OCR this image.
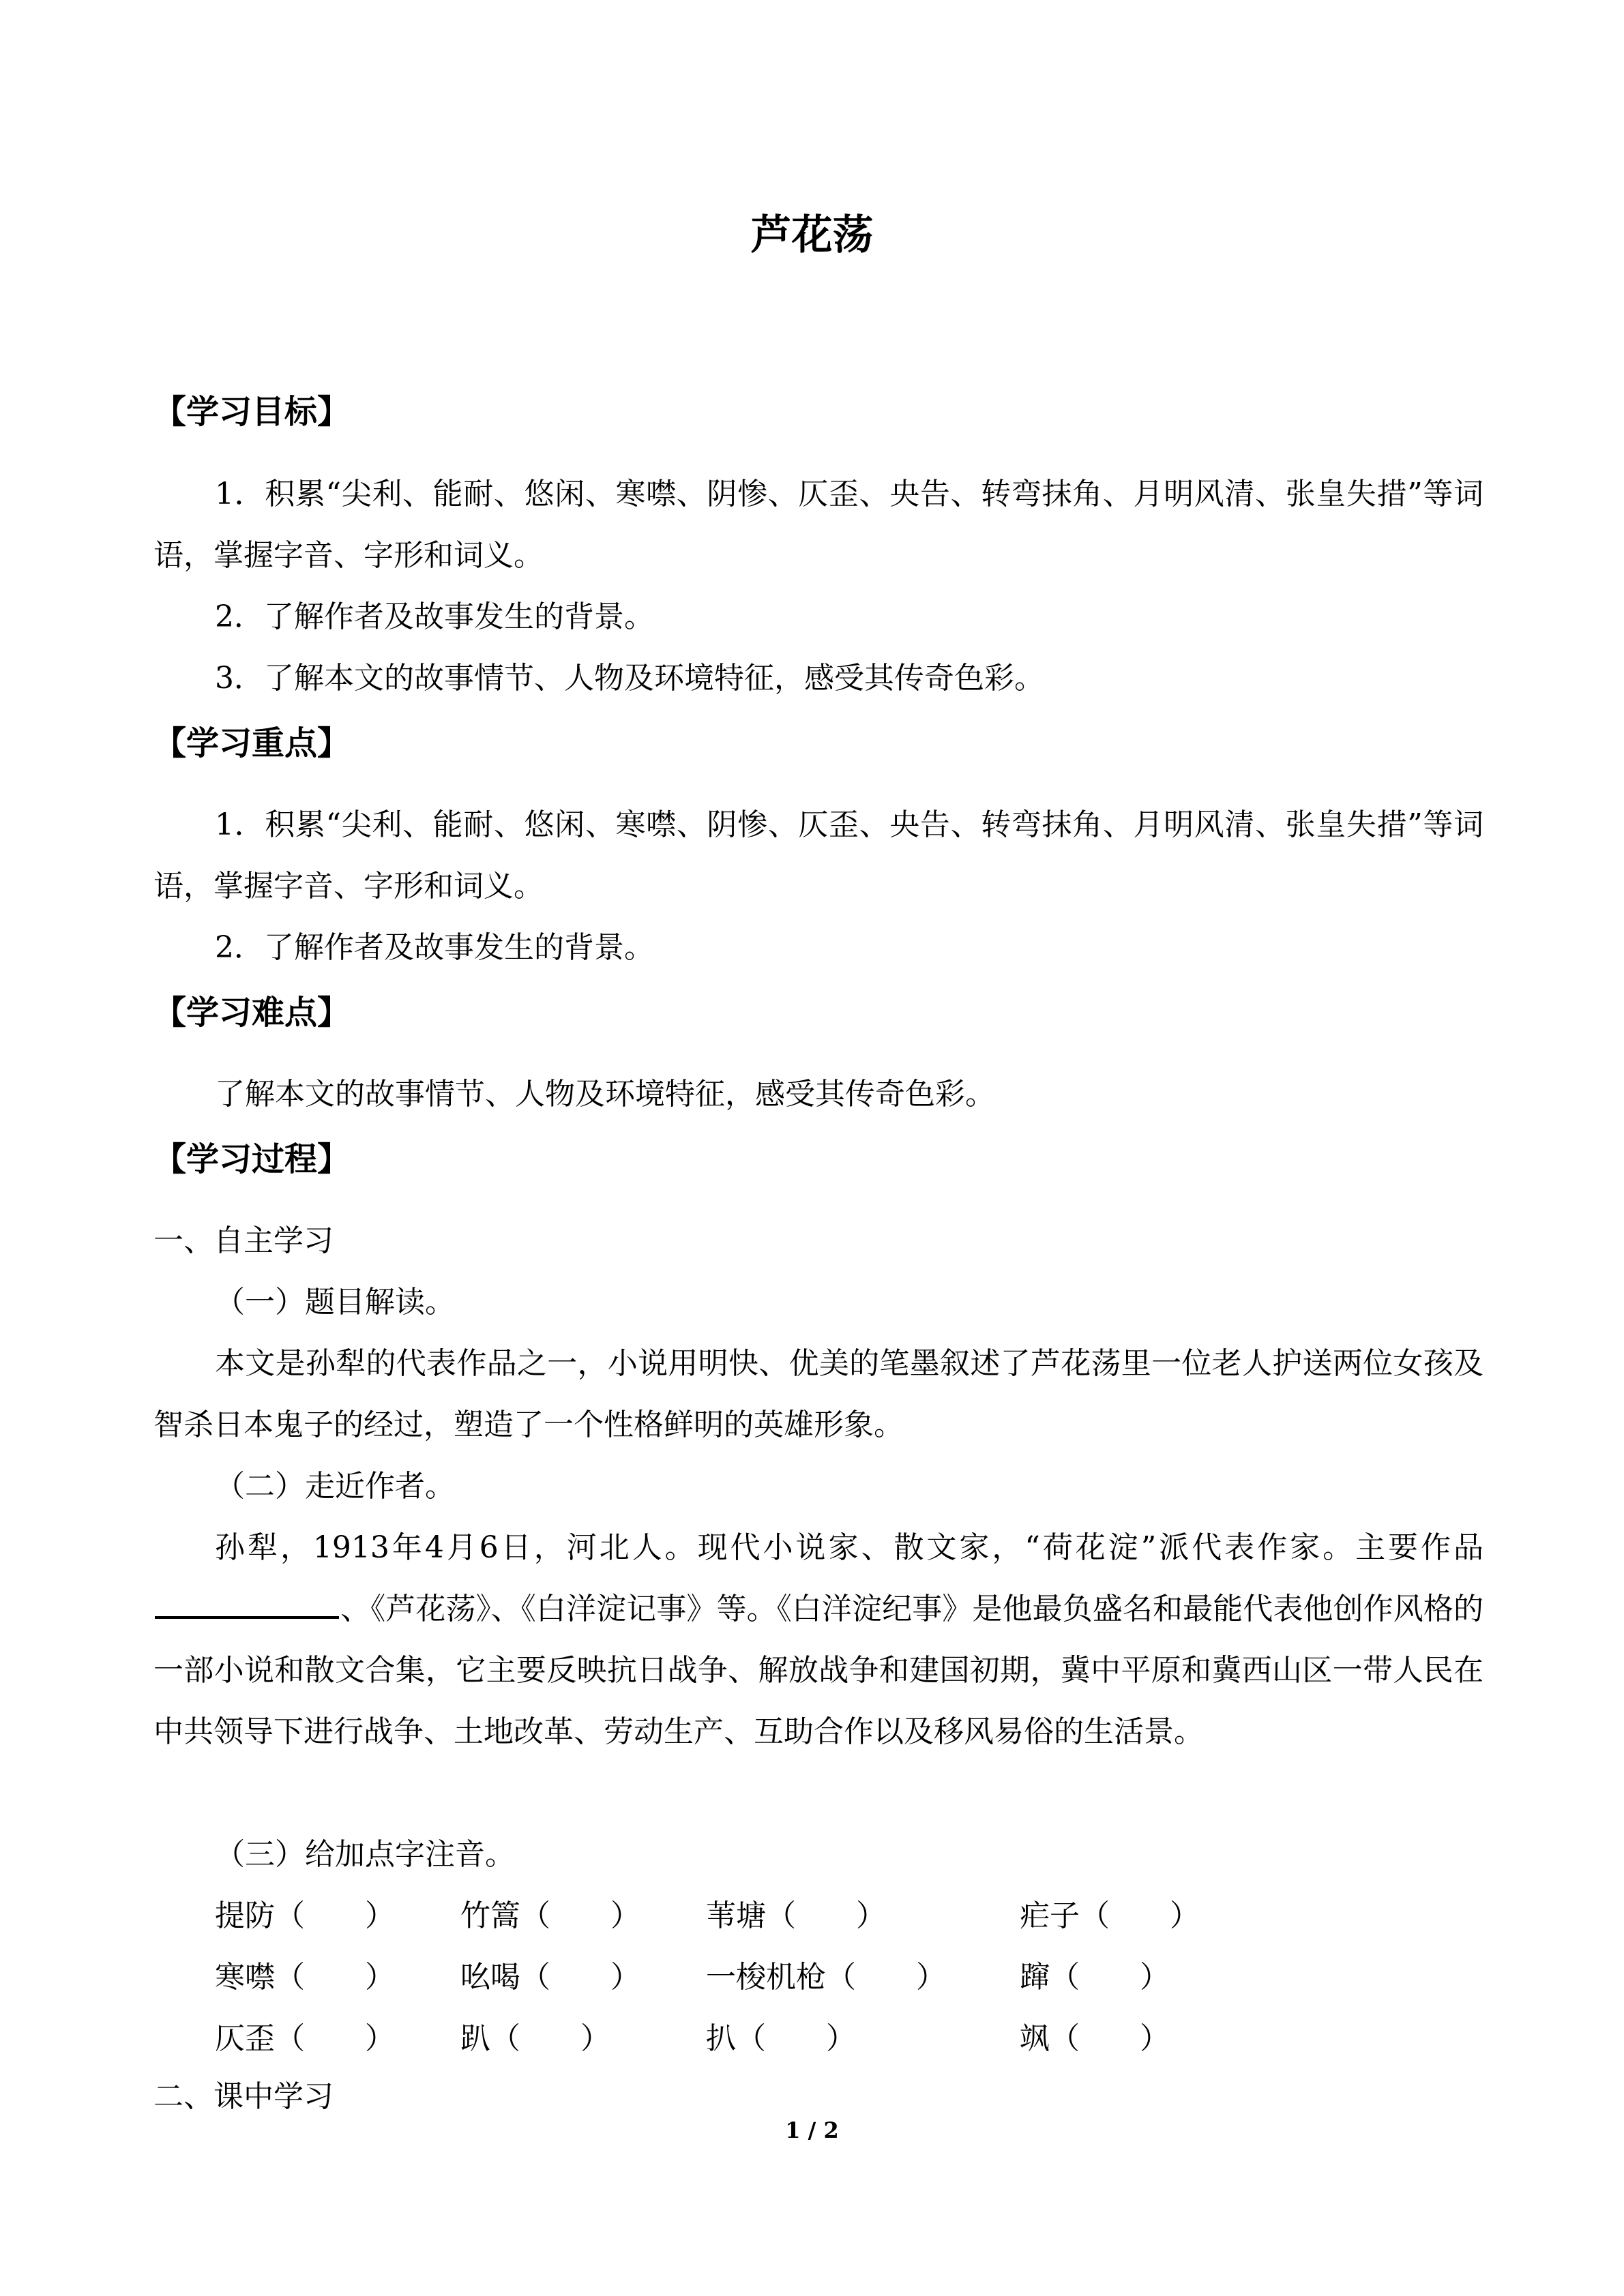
芦花荡
【学习目标】

1．积累“尖利、能耐、悠闲、寒噤、阴惨、仄歪、央告、转弯抹角、月明风清、张皇失措”等词语，掌握字音、字形和词义。

2．了解作者及故事发生的背景。
3．了解本文的故事情节、人物及环境特征，感受其传奇色彩。
【学习重点】

1．积累“尖利、能耐、悠闲、寒噤、阴惨、仄歪、央告、转弯抹角、月明风清、张皇失措”等词语，掌握字音、字形和词义。

2．了解作者及故事发生的背景。
【学习难点】
了解本文的故事情节、人物及环境特征，感受其传奇色彩。
【学习过程】
一、自主学习
（一）题目解读。

本文是孙犁的代表作品之一，小说用明快、优美的笔墨叙述了芦花荡里一位老人护送两位女孩及智杀日本鬼子的经过，塑造了一个性格鲜明的英雄形象。

（二）走近作者。

孙犁，1913年4月6日，河北人。现代小说家、散文家，“荷花淀”派代表作家。主要作品、《芦花荡》、《白洋淀记事》等。《白洋淀纪事》是他最负盛名和最能代表他创作风格的一部小说和散文合集，它主要反映抗日战争、解放战争和建国初期，冀中平原和冀西山区一带人民在中共领导下进行战争、土地改革、劳动生产、互助合作以及移风易俗的生活景。

（三）给加点字注音。
提防（　　） 竹篙（　　） 苇塘（　　）	疟子（　　）
寒噤（　　） 吆喝（　　） 一梭机枪（　　） 蹿（　　）
仄歪（　　） 趴（　　）	扒（　　）	飒（　　）
二、课中学习
1 / 2
